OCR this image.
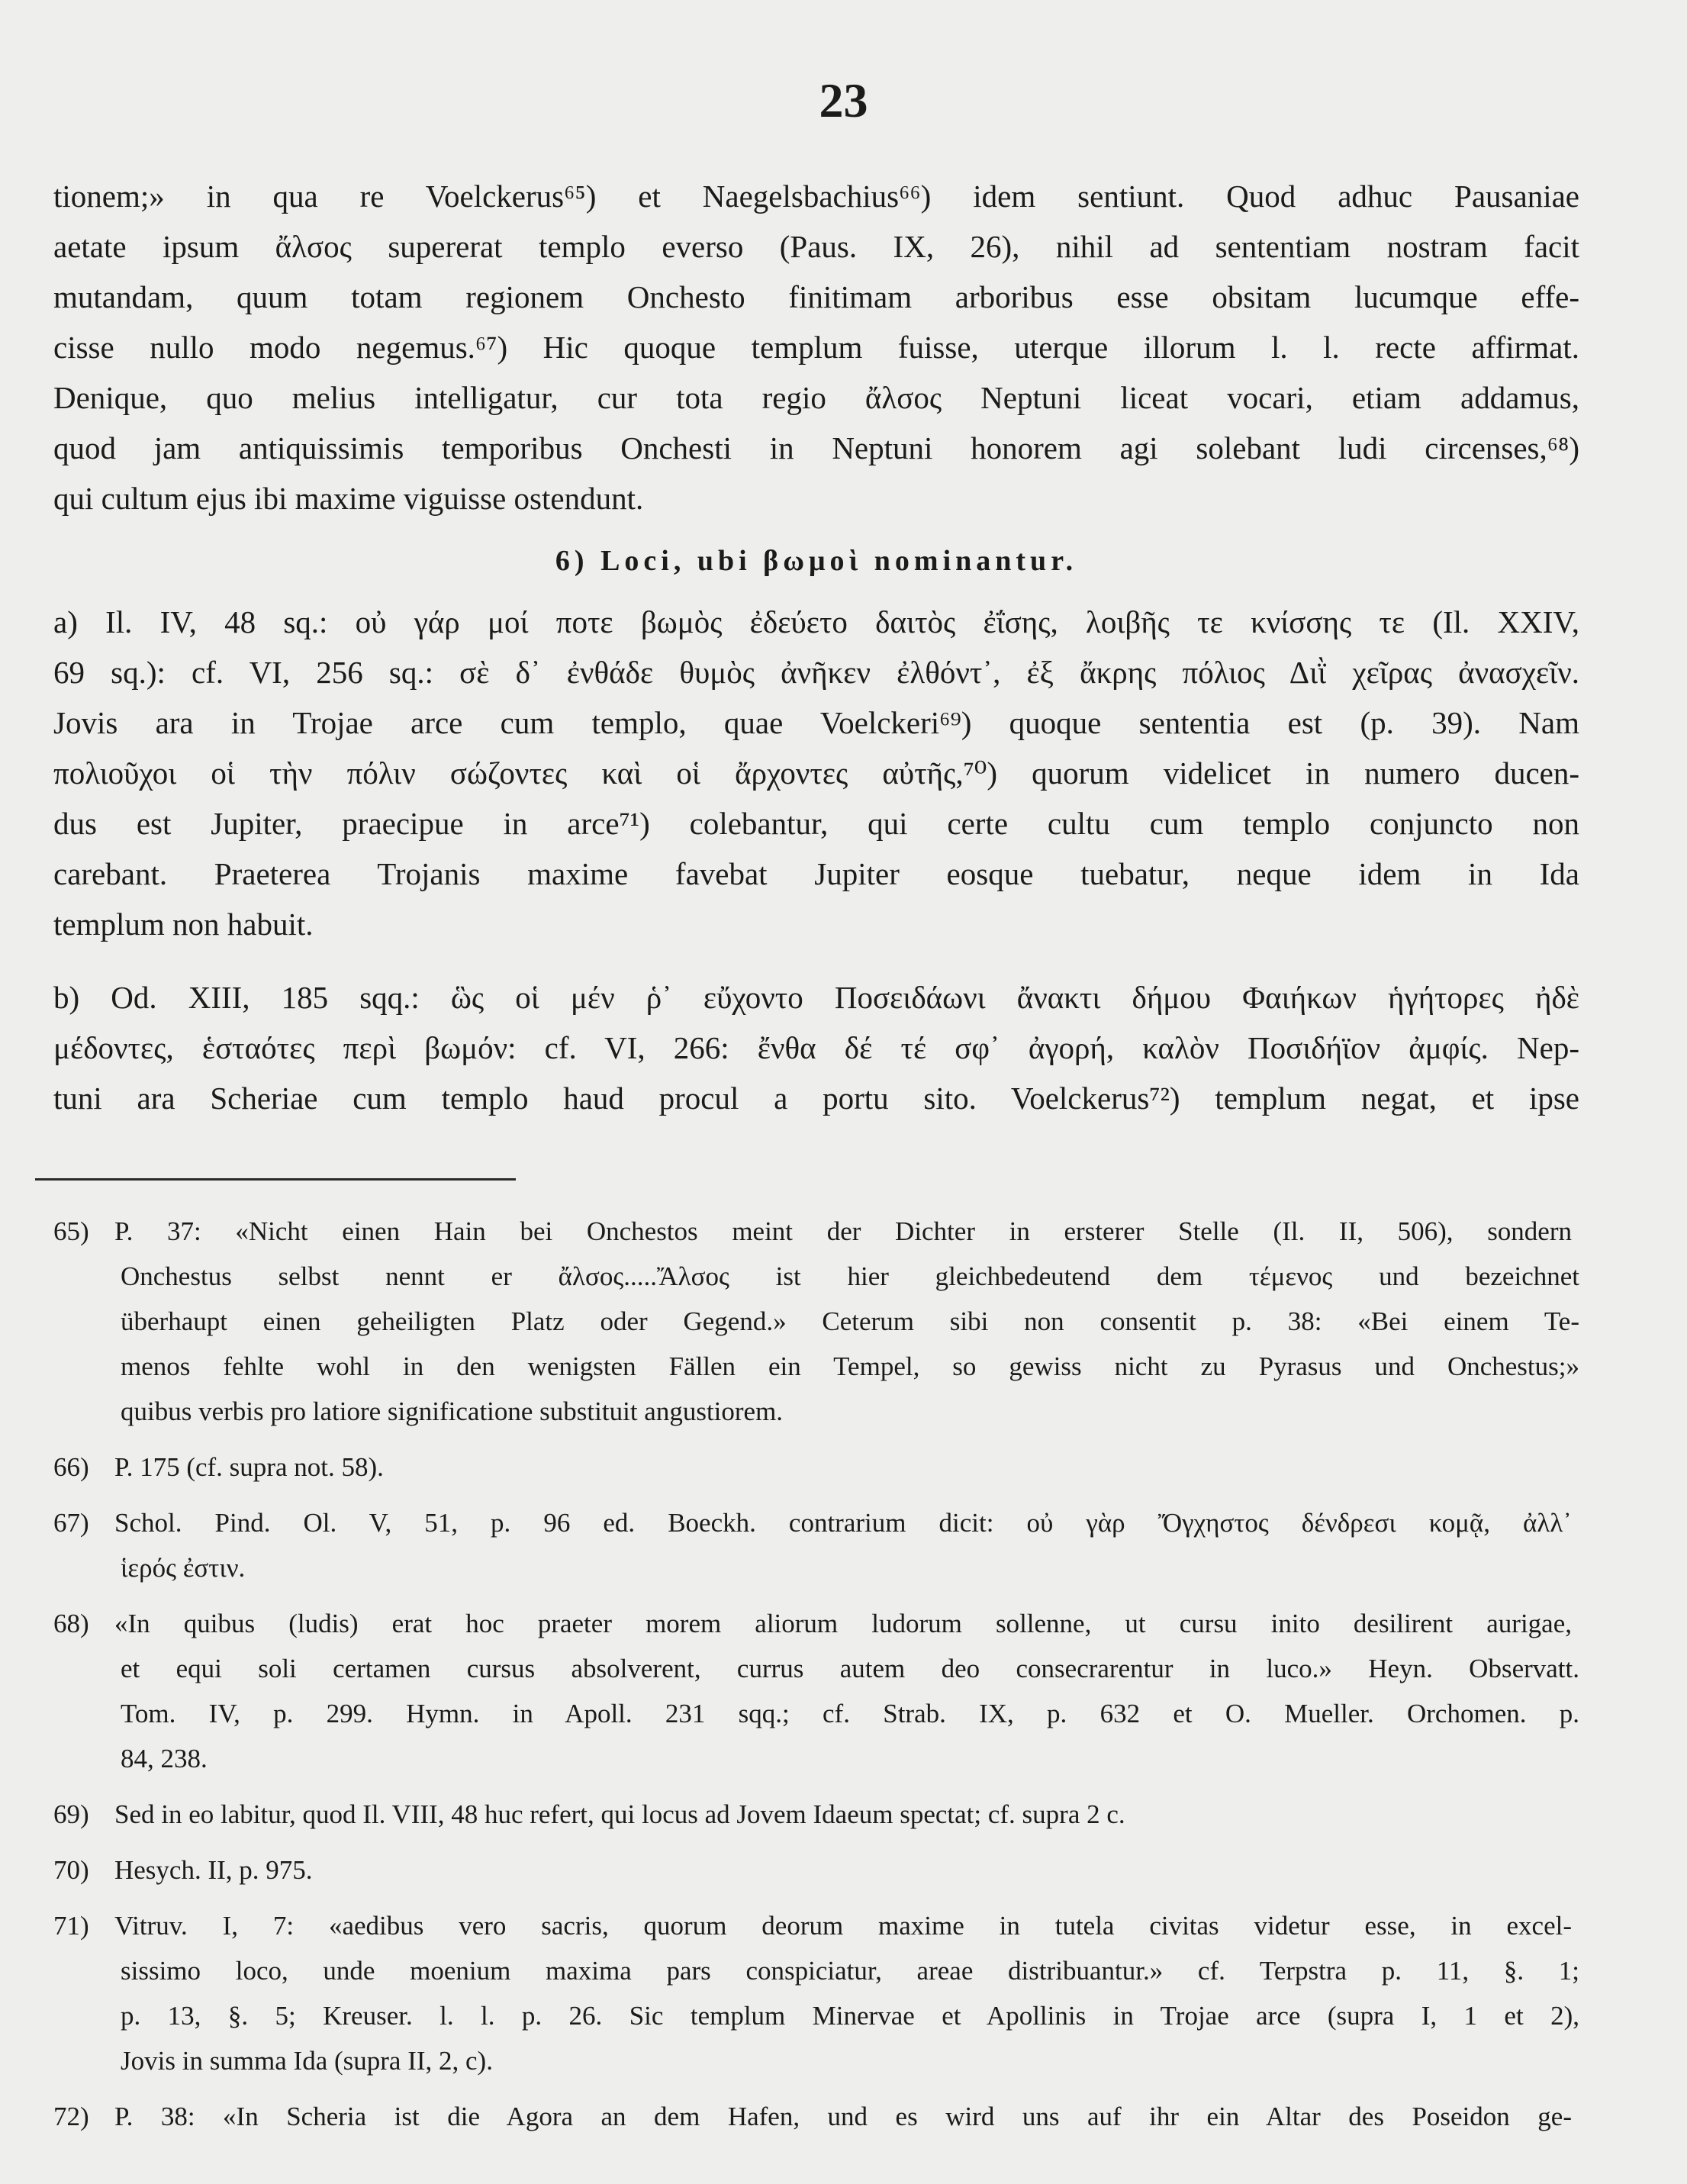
23
tionem;» in qua re Voelckerus⁶⁵) et Naegelsbachius⁶⁶) idem sentiunt. Quod adhuc Pausaniae
aetate ipsum ἄλσος supererat templo everso (Paus. IX, 26), nihil ad sententiam nostram facit
mutandam, quum totam regionem Onchesto finitimam arboribus esse obsitam lucumque effe-
cisse nullo modo negemus.⁶⁷) Hic quoque templum fuisse, uterque illorum l. l. recte affirmat.
Denique, quo melius intelligatur, cur tota regio ἄλσος Neptuni liceat vocari, etiam addamus,
quod jam antiquissimis temporibus Onchesti in Neptuni honorem agi solebant ludi circenses,⁶⁸)
qui cultum ejus ibi maxime viguisse ostendunt.
6) Loci, ubi βωμοὶ nominantur.
a) Il. IV, 48 sq.: οὐ γάρ μοί ποτε βωμὸς ἐδεύετο δαιτὸς ἐΐσης, λοιβῆς τε κνίσσης τε (Il. XXIV,
69 sq.): cf. VI, 256 sq.: σὲ δ᾽ ἐνθάδε θυμὸς ἀνῆκεν ἐλθόντ᾽, ἐξ ἄκρης πόλιος Διῒ χεῖρας ἀνασχεῖν.
Jovis ara in Trojae arce cum templo, quae Voelckeri⁶⁹) quoque sententia est (p. 39). Nam
πολιοῦχοι οἱ τὴν πόλιν σώζοντες καὶ οἱ ἄρχοντες αὐτῆς,⁷⁰) quorum videlicet in numero ducen-
dus est Jupiter, praecipue in arce⁷¹) colebantur, qui certe cultu cum templo conjuncto non
carebant. Praeterea Trojanis maxime favebat Jupiter eosque tuebatur, neque idem in Ida
templum non habuit.
b) Od. XIII, 185 sqq.: ὣς οἱ μέν ῥ᾽ εὔχοντο Ποσειδάωνι ἄνακτι δήμου Φαιήκων ἡγήτορες ἠδὲ
μέδοντες, ἑσταότες περὶ βωμόν: cf. VI, 266: ἔνθα δέ τέ σφ᾽ ἀγορή, καλὸν Ποσιδήϊον ἀμφίς. Nep-
tuni ara Scheriae cum templo haud procul a portu sito. Voelckerus⁷²) templum negat, et ipse
65) P. 37: «Nicht einen Hain bei Onchestos meint der Dichter in ersterer Stelle (Il. II, 506), sondern
Onchestus selbst nennt er ἄλσος.....Ἄλσος ist hier gleichbedeutend dem τέμενος und bezeichnet
überhaupt einen geheiligten Platz oder Gegend.» Ceterum sibi non consentit p. 38: «Bei einem Te-
menos fehlte wohl in den wenigsten Fällen ein Tempel, so gewiss nicht zu Pyrasus und Onchestus;»
quibus verbis pro latiore significatione substituit angustiorem.
66) P. 175 (cf. supra not. 58).
67) Schol. Pind. Ol. V, 51, p. 96 ed. Boeckh. contrarium dicit: οὐ γὰρ Ὄγχηστος δένδρεσι κομᾷ, ἀλλ᾽
ἱερός ἐστιν.
68) «In quibus (ludis) erat hoc praeter morem aliorum ludorum sollenne, ut cursu inito desilirent aurigae,
et equi soli certamen cursus absolverent, currus autem deo consecrarentur in luco.» Heyn. Observatt.
Tom. IV, p. 299. Hymn. in Apoll. 231 sqq.; cf. Strab. IX, p. 632 et O. Mueller. Orchomen. p.
84, 238.
69) Sed in eo labitur, quod Il. VIII, 48 huc refert, qui locus ad Jovem Idaeum spectat; cf. supra 2 c.
70) Hesych. II, p. 975.
71) Vitruv. I, 7: «aedibus vero sacris, quorum deorum maxime in tutela civitas videtur esse, in excel-
sissimo loco, unde moenium maxima pars conspiciatur, areae distribuantur.» cf. Terpstra p. 11, §. 1;
p. 13, §. 5; Kreuser. l. l. p. 26. Sic templum Minervae et Apollinis in Trojae arce (supra I, 1 et 2),
Jovis in summa Ida (supra II, 2, c).
72) P. 38: «In Scheria ist die Agora an dem Hafen, und es wird uns auf ihr ein Altar des Poseidon ge-
